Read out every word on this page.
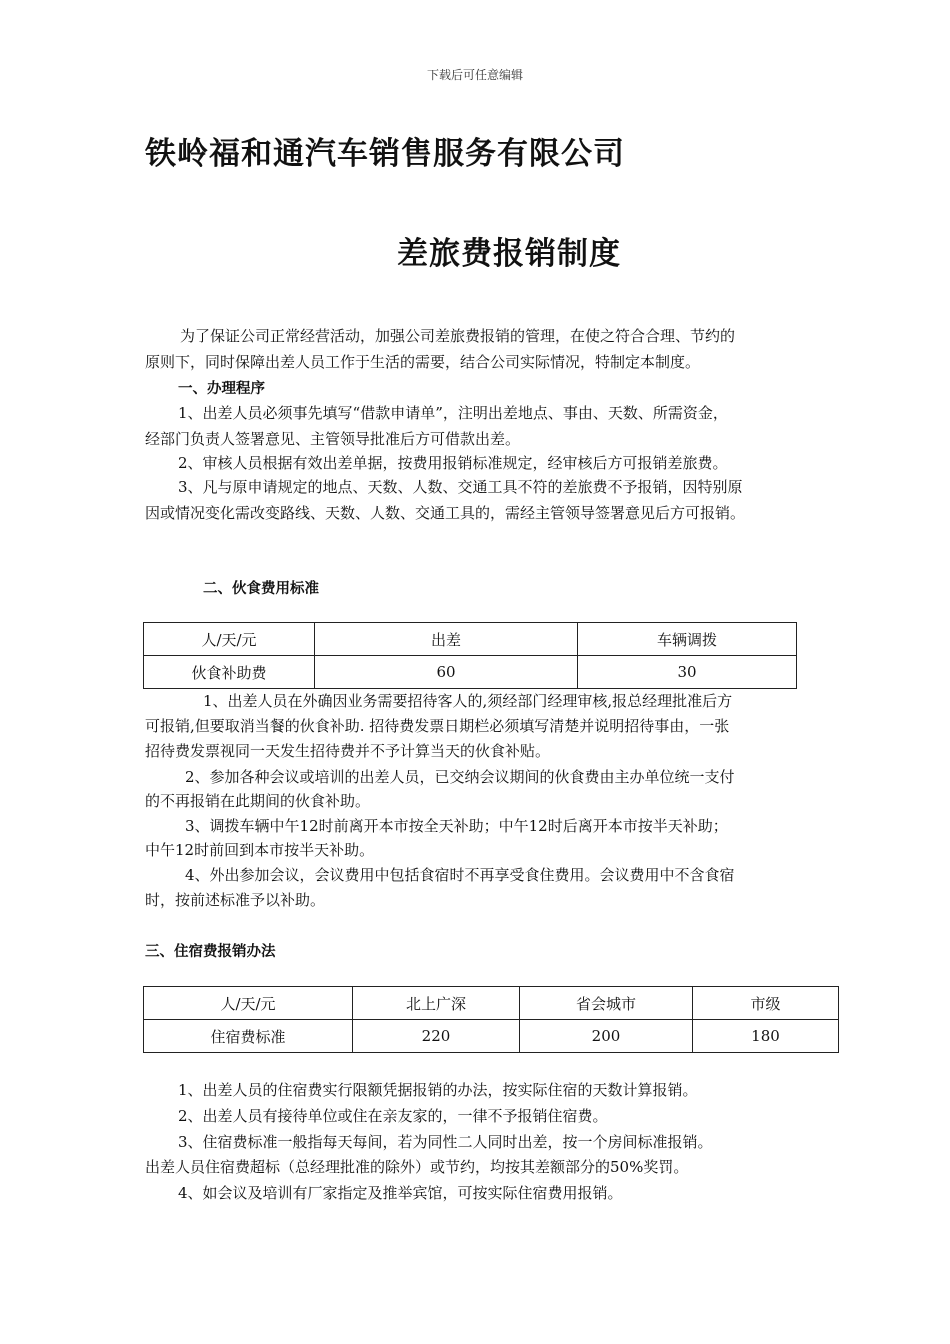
下载后可任意编辑
铁岭福和通汽车销售服务有限公司
差旅费报销制度
为了保证公司正常经营活动，加强公司差旅费报销的管理，在使之符合合理、节约的
原则下，同时保障出差人员工作于生活的需要，结合公司实际情况，特制定本制度。
一、办理程序
1、出差人员必须事先填写“借款申请单”，注明出差地点、事由、天数、所需资金，
经部门负责人签署意见、主管领导批准后方可借款出差。
2、审核人员根据有效出差单据，按费用报销标准规定，经审核后方可报销差旅费。
3、凡与原申请规定的地点、天数、人数、交通工具不符的差旅费不予报销，因特别原
因或情况变化需改变路线、天数、人数、交通工具的，需经主管领导签署意见后方可报销。
二、伙食费用标准
人/天/元	出差	车辆调拨
伙食补助费	60	30
1、出差人员在外确因业务需要招待客人的,须经部门经理审核,报总经理批准后方
可报销,但要取消当餐的伙食补助. 招待费发票日期栏必须填写清楚并说明招待事由，一张
招待费发票视同一天发生招待费并不予计算当天的伙食补贴。
2、参加各种会议或培训的出差人员，已交纳会议期间的伙食费由主办单位统一支付
的不再报销在此期间的伙食补助。
3、调拨车辆中午12时前离开本市按全天补助；中午12时后离开本市按半天补助；
中午12时前回到本市按半天补助。
4、外出参加会议，会议费用中包括食宿时不再享受食住费用。会议费用中不含食宿
时，按前述标准予以补助。
三、住宿费报销办法
人/天/元	北上广深	省会城市	市级
住宿费标准	220	200	180
1、出差人员的住宿费实行限额凭据报销的办法，按实际住宿的天数计算报销。
2、出差人员有接待单位或住在亲友家的，一律不予报销住宿费。
3、住宿费标准一般指每天每间，若为同性二人同时出差，按一个房间标准报销。
出差人员住宿费超标（总经理批准的除外）或节约，均按其差额部分的50%奖罚。
4、如会议及培训有厂家指定及推举宾馆，可按实际住宿费用报销。
